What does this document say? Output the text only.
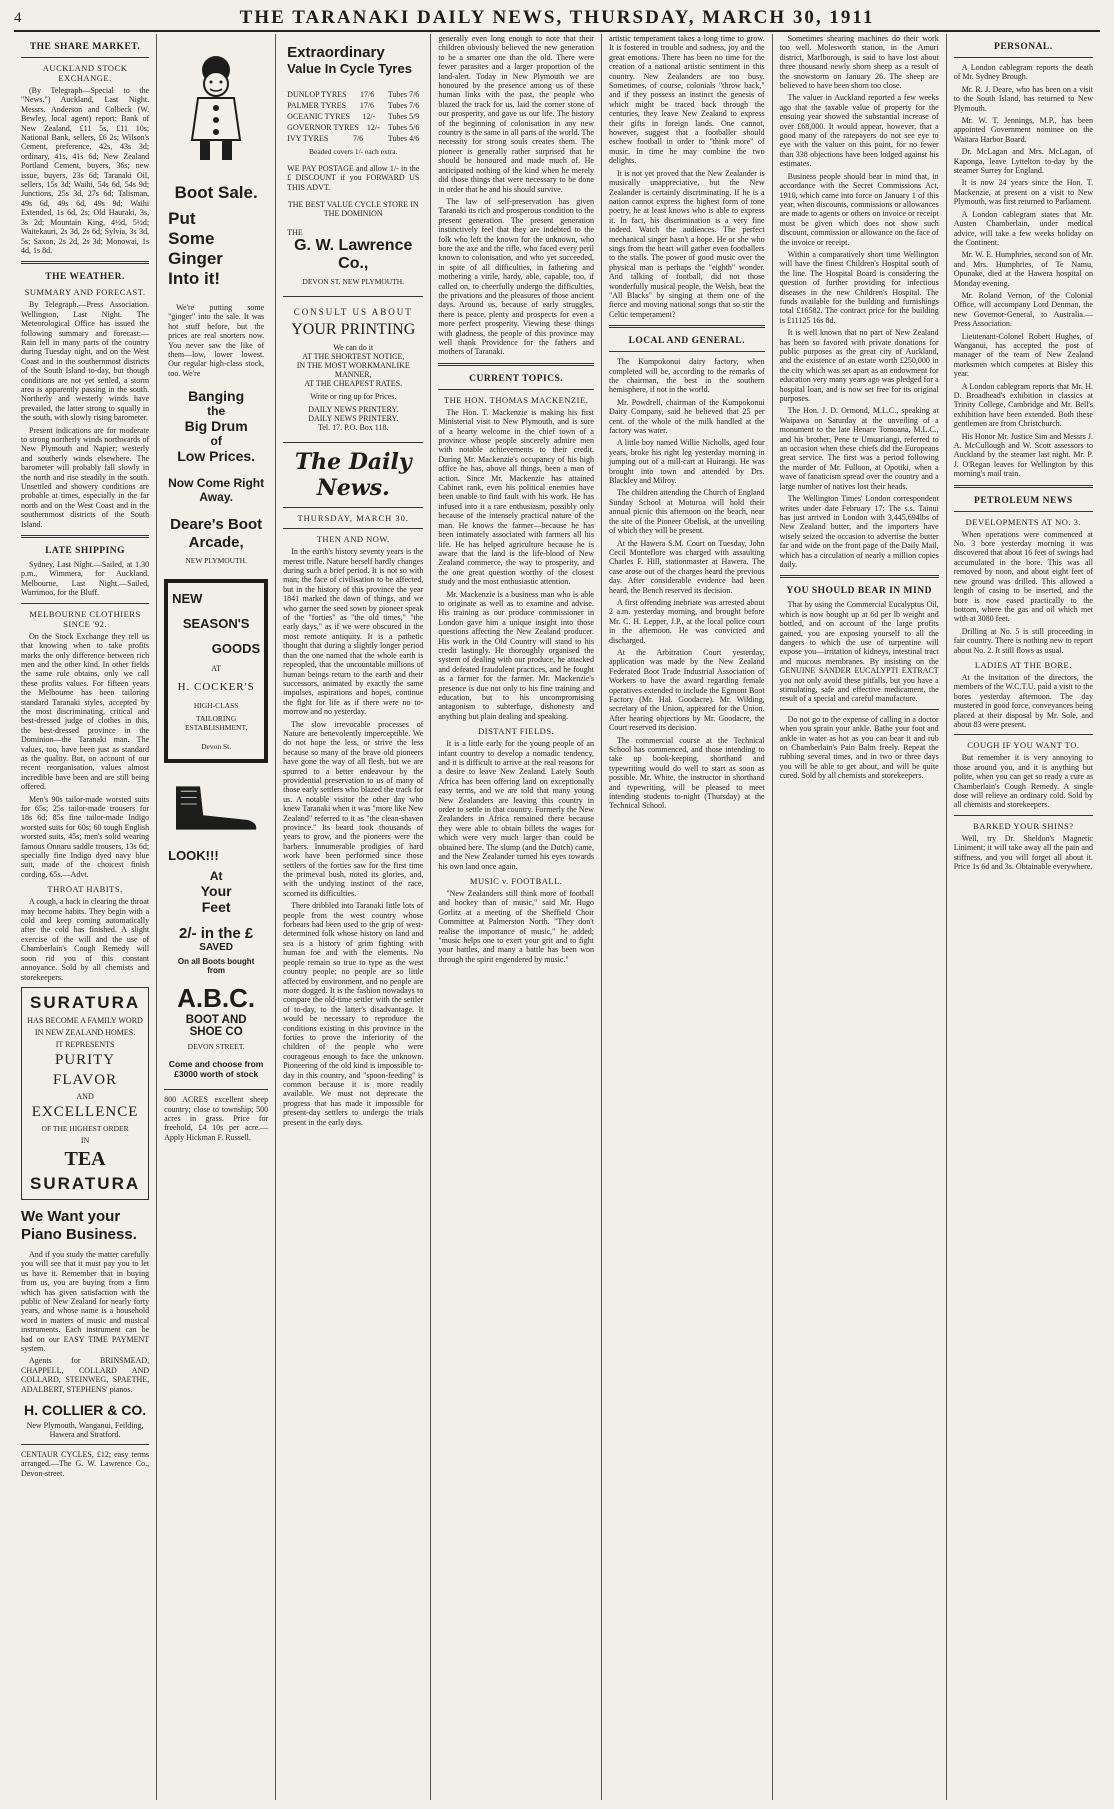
4	THE TARANAKI DAILY NEWS, THURSDAY, MARCH 30, 1911
THE SHARE MARKET.
AUCKLAND STOCK EXCHANGE.

(By Telegraph—Special to the "News.") Auckland, Last Night. Messrs. Anderson and Colbeck (W. Bewley, local agent) report: Bank of New Zealand, £11 5s, £11 10s; National Bank, sellers, £6 2s; Wilson's Cement, preference, 42s, 43s 3d; ordinary, 41s, 41s 6d; New Zealand Portland Cement, buyers, 36s; new issue, buyers, 23s 6d; Taranaki Oil, sellers, 15s 3d; Waihi, 54s 6d, 54s 9d; Junctions, 25s 3d, 27s 6d; Talisman, 49s 6d, 49s 6d, 49s 9d; Waihi Extended, 1s 6d, 2s; Old Hauraki, 3s, 3s 2d; Mountain King, 4½d, 5½d; Waitekauri, 2s 3d, 2s 6d; Sylvia, 3s 3d, 5s; Saxon, 2s 2d, 2s 3d; Monowai, 1s 4d, 1s 8d.

THE WEATHER.
SUMMARY AND FORECAST.

By Telegraph.—Press Association. Wellington, Last Night. The Meteorological Office has issued the following summary and forecast:— Rain fell in many parts of the country during Tuesday night, and on the West Coast and in the southernmost districts of the South Island to-day, but though conditions are not yet settled, a storm area is apparently passing in the south. Northerly and westerly winds have prevailed, the latter strong to squally in the south, with slowly rising barometer.

Present indications are for moderate to strong northerly winds northwards of New Plymouth and Napier; westerly and southerly winds elsewhere. The barometer will probably fall slowly in the north and rise steadily in the south. Unsettled and showery conditions are probable at times, especially in the far north and on the West Coast and in the southernmost districts of the South Island.

LATE SHIPPING

Sydney, Last Night.—Sailed, at 1.30 p.m., Wimmera, for Auckland. Melbourne, Last Night.—Sailed, Warrimoo, for the Bluff.

MELBOURNE CLOTHIERS SINCE '92.

On the Stock Exchange they tell us that knowing when to take profits marks the only difference between rich men and the other kind. In other fields the same rule obtains, only we call these profits values. For fifteen years the Melbourne has been tailoring standard Taranaki styles, accepted by the most discriminating, critical and best-dressed judge of clothes in this, the best-dressed province in the Dominion—the Taranaki man. The values, too, have been just as standard as the quality. But, on account of our recent reorganisation, values almost incredible have been and are still being offered.

Men's 90s tailor-made worsted suits for 65s; 25s tailor-made trousers for 18s 6d; 85s fine tailor-made Indigo worsted suits for 60s; 60 tough English worsted suits, 45s; men's solid wearing famous Onnaru saddle trousers, 13s 6d; specially fine Indigo dyed navy blue suit, made of the choicest finish cording, 65s.—Advt.

THROAT HABITS.

A cough, a hack in clearing the throat may become habits. They begin with a cold and keep coming automatically after the cold has finished. A slight exercise of the will and the use of Chamberlain's Cough Remedy will soon rid you of this constant annoyance. Sold by all chemists and storekeepers.

SURATURA
HAS BECOME A FAMILY WORD
IN NEW ZEALAND HOMES.
IT REPRESENTS
PURITY
FLAVOR
AND
EXCELLENCE
OF THE HIGHEST ORDER
IN
TEA
SURATURA
We Want your Piano Business.

And if you study the matter carefully you will see that it must pay you to let us have it. Remember that in buying from us, you are buying from a firm which has given satisfaction with the public of New Zealand for nearly forty years, and whose name is a household word in matters of music and musical instruments. Each instrument can be had on our EASY TIME PAYMENT system.

Agents for BRINSMEAD, CHAPPELL, COLLARD AND COLLARD, STEINWEG, SPAETHE, ADALBERT, STEPHENS' pianos.

H. COLLIER & CO.
New Plymouth, Wanganui, Feilding, Hawera and Stratford.

CENTAUR CYCLES, £12; easy terms arranged.—The G. W. Lawrence Co., Devon-street.

Boot Sale.
Put
Some
Ginger
Into it!

We're putting some "ginger" into the sale. It was hot stuff before, but the prices are real snorters now. You never saw the like of them—low, lower lowest. Our regular high-class stock, too. We're

Banging
the
Big Drum
of
Low Prices.
Now Come Right Away.
Deare's Boot Arcade,
NEW PLYMOUTH.
NEW
SEASON'S
GOODS
AT
H. COCKER'S
HIGH-CLASS
TAILORING ESTABLISHMENT,
Devon St.
LOOK!!!
At
Your
Feet
2/- in the £
SAVED
On all Boots bought from
A.B.C.
BOOT AND SHOE CO
DEVON STREET.
Come and choose from £3000 worth of stock

800 ACRES excellent sheep country; close to township; 500 acres in grass. Price for freehold, £4 10s per acre.—Apply Hickman F. Russell.

Extraordinary
Value In Cycle Tyres
DUNLOP TYRES 17/6 Tubes 7/6
PALMER TYRES 17/6 Tubes 7/6
OCEANIC TYRES 12/- Tubes 5/9
GOVERNOR TYRES 12/- Tubes 5/6
IVY TYRES	7/6	Tubes 4/6
Beaded covers 1/- each extra.

WE PAY POSTAGE and allow 1/- in the £ DISCOUNT if you FORWARD US THIS ADVT.

THE BEST VALUE CYCLE STORE IN THE DOMINION
THE
G. W. Lawrence Co.,
DEVON ST. NEW PLYMOUTH.
CONSULT US ABOUT
YOUR PRINTING
We can do it
AT THE SHORTEST NOTICE,
IN THE MOST WORKMANLIKE MANNER,
AT THE CHEAPEST RATES.
Write or ring up for Prices.
DAILY NEWS PRINTERY.
DAILY NEWS PRINTERY.
Tel. 17. P.O. Box 118.
The Daily News.
THURSDAY, MARCH 30.
THEN AND NOW.

In the earth's history seventy years is the merest trifle. Nature herself hardly changes during such a brief period. It is not so with man; the face of civilisation to be affected, but in the history of this province the year 1841 marked the dawn of things, and we who garner the seed sown by pioneer speak of the "forties" as "the old times," "the early days," as if we were obscured in the most remote antiquity. It is a pathetic thought that during a slightly longer period than the one named that the whole earth is repeopled, that the uncountable millions of human beings return to the earth and their successors, animated by exactly the same impulses, aspirations and hopes, continue the fight for life as if there were no to-morrow and no yesterday.

The slow irrevocable processes of Nature are benevolently imperceptible. We do not hope the less, or strive the less because so many of the brave old pioneers have gone the way of all flesh, but we are spurred to a better endeavour by the providential preservation to us of many of those early settlers who blazed the track for us. A notable visitor the other day who knew Taranaki when it was "more like New Zealand" referred to it as "the clean-shaven province." Its beard took thousands of years to grow, and the pioneers were the barbers. Innumerable prodigies of hard work have been performed since those settlers of the forties saw for the first time the primeval bush, noted its glories, and, with the undying instinct of the race, scorned its difficulties.

There dribbled into Taranaki little lots of people from the west country whose forbears had been used to the grip of west-determined folk whose history on land and sea is a history of grim fighting with human foe and with the elements. No people remain so true to type as the west country people; no people are so little affected by environment, and no people are more dogged. It is the fashion nowadays to compare the old-time settler with the settler of to-day, to the latter's disadvantage. It would be necessary to reproduce the conditions existing in this province in the forties to prove the inferiority of the children of the people who were courageous enough to face the unknown. Pioneering of the old kind is impossible to-day in this country, and "spoon-feeding" is common because it is more readily available. We must not deprecate the progress that has made it impossible for present-day settlers to undergo the trials present in the early days.

generally even long enough to note that their children obviously believed the new generation to be a smarter one than the old. There were fewer parasites and a larger proportion of the land-alert. Today in New Plymouth we are honoured by the presence among us of these human links with the past, the people who blazed the track for us, laid the corner stone of our prosperity, and gave us our life. The history of the beginning of colonisation in any new country is the same in all parts of the world. The necessity for strong souls creates them. The pioneer is generally rather surprised that he should be honoured and made much of. He anticipated nothing of the kind when he merely did those things that were necessary to be done in order that he and his should survive.

The law of self-preservation has given Taranaki its rich and prosperous condition to the present generation. The present generation instinctively feel that they are indebted to the folk who left the known for the unknown, who bore the axe and the rifle, who faced every peril known to colonisation, and who yet succeeded, in spite of all difficulties, in fathering and mothering a virile, hardy, able, capable, too, if called on, to cheerfully undergo the difficulties, the privations and the pleasures of those ancient days. Around us, because of early struggles, there is peace, plenty and prospects for even a more perfect prosperity. Viewing these things with gladness, the people of this province may well thank Providence for the fathers and mothers of Taranaki.

CURRENT TOPICS.
THE HON. THOMAS MACKENZIE.

The Hon. T. Mackenzie is making his first Ministerial visit to New Plymouth, and is sure of a hearty welcome in the chief town of a province whose people sincerely admire men with notable achievements to their credit. During Mr. Mackenzie's occupancy of his high office he has, above all things, been a man of action. Since Mr. Mackenzie has attained Cabinet rank, even his political enemies have been unable to find fault with his work. He has infused into it a rare enthusiasm, possibly only because of the intensely practical nature of the man. He knows the farmer—because he has been intimately associated with farmers all his life. He has helped agriculture because he is aware that the land is the life-blood of New Zealand commerce, the way to prosperity, and the one great question worthy of the closest study and the most enthusiastic attention.

Mr. Mackenzie is a business man who is able to originate as well as to examine and advise. His training as our produce commissioner in London gave him a unique insight into those questions affecting the New Zealand producer. His work in the Old Country will stand to his credit lastingly. He thoroughly organised the system of dealing with our produce, he attacked and defeated fraudulent practices, and he fought as a farmer for the farmer. Mr. Mackenzie's presence is due not only to his fine training and education, but to his uncompromising antagonism to subterfuge, dishonesty and anything but plain dealing and speaking.

DISTANT FIELDS.

It is a little early for the young people of an infant country to develop a nomadic tendency, and it is difficult to arrive at the real reasons for a desire to leave New Zealand. Lately South Africa has been offering land on exceptionally easy terms, and we are told that many young New Zealanders are leaving this country in order to settle in that country. Formerly the New Zealanders in Africa remained there because they were able to obtain billets the wages for which were very much larger than could be obtained here. The slump (and the Dutch) came, and the New Zealander turned his eyes towards his own land once again.

MUSIC v. FOOTBALL.

"New Zealanders still think more of football and hockey than of music," said Mr. Hugo Gorlitz at a meeting of the Sheffield Choir Committee at Palmerston North. "They don't realise the importance of music," he added; "music helps one to exert your grit and to fight your battles, and many a battle has been won through the spirit engendered by music."

artistic temperament takes a long time to grow. It is fostered in trouble and sadness, joy and the great emotions. There has been no time for the creation of a national artistic sentiment in this country. New Zealanders are too busy. Sometimes, of course, colonials "throw back," and if they possess an instinct the genesis of which might be traced back through the centuries, they leave New Zealand to express their gifts in foreign lands. One cannot, however, suggest that a footballer should eschew football in order to "think more" of music. In time he may combine the two delights.

It is not yet proved that the New Zealander is musically unappreciative, but the New Zealander is certainly discriminating. If he is a nation cannot express the highest form of tone poetry, he at least knows who is able to express it. In fact, his discrimination is a very fine indeed. Watch the audiences. The perfect mechanical singer hasn't a hope. He or she who sings from the heart will gather even footballers to the stalls. The power of good music over the physical man is perhaps the "eighth" wonder. And talking of football, did not those wonderfully musical people, the Welsh, beat the "All Blacks" by singing at them one of the fierce and moving national songs that so stir the Celtic temperament?

LOCAL AND GENERAL.

The Kumpokonui dairy factory, when completed will be, according to the remarks of the chairman, the best in the southern hemisphere, if not in the world.

Mr. Powdrell, chairman of the Kumpokonui Dairy Company, said he believed that 25 per cent. of the whole of the milk handled at the factory was water.

A little boy named Willie Nicholls, aged four years, broke his right leg yesterday morning in jumping out of a mill-cart at Huirangi. He was brought into town and attended by Drs. Blackley and Milroy.

The children attending the Church of England Sunday School at Moturoa will hold their annual picnic this afternoon on the beach, near the site of the Pioneer Obelisk, at the unveiling of which they will be present.

At the Hawera S.M. Court on Tuesday, John Cecil Monteflore was charged with assaulting Charles F. Hill, stationmaster at Hawera. The case arose out of the charges heard the previous day. After considerable evidence had been heard, the Bench reserved its decision.

A first offending inebriate was arrested about 2 a.m. yesterday morning, and brought before Mr. C. H. Lepper, J.P., at the local police court in the afternoon. He was convicted and discharged.

At the Arbitration Court yesterday, application was made by the New Zealand Federated Boot Trade Industrial Association of Workers to have the award regarding female operatives extended to include the Egmont Boot Factory (Mr. Hal. Goodacre). Mr. Wilding, secretary of the Union, appeared for the Union. After hearing objections by Mr. Goodacre, the Court reserved its decision.

The commercial course at the Technical School has commenced, and those intending to take up book-keeping, shorthand and typewriting would do well to start as soon as possible. Mr. White, the instructor in shorthand and typewriting, will be pleased to meet intending students to-night (Thursday) at the Technical School.

Sometimes shearing machines do their work too well. Molesworth station, in the Amuri district, Marlborough, is said to have lost about three thousand newly shorn sheep as a result of the snowstorm on January 26. The sheep are believed to have been shorn too close.

The valuer in Auckland reported a few weeks ago that the taxable value of property for the ensuing year showed the substantial increase of over £68,000. It would appear, however, that a good many of the ratepayers do not see eye to eye with the valuer on this point, for no fewer than 338 objections have been lodged against his estimates.

Business people should bear in mind that, in accordance with the Secret Commissions Act, 1910, which came into force on January 1 of this year, when discounts, commissions or allowances are made to agents or others on invoice or receipt must be given which does not show such discount, commission or allowance on the face of the invoice or receipt.

Within a comparatively short time Wellington will have the finest Children's Hospital south of the line. The Hospital Board is considering the question of further providing for infectious diseases in the new Children's Hospital. The funds available for the building and furnishings total £16582. The contract price for the building is £11125 16s 8d.

It is well known that no part of New Zealand has been so favored with private donations for public purposes as the great city of Auckland, and the existence of an estate worth £250,000 in the city which was set apart as an endowment for education very many years ago was pledged for a hospital loan, and is now set free for its original purposes.

The Hon. J. D. Ormond, M.L.C., speaking at Waipawa on Saturday at the unveiling of a monument to the late Henare Tomoana, M.L.C., and his brother, Pene te Umuariangi, referred to an occasion when these chiefs did the Europeans great service. The first was a period following the murder of Mr. Fulloon, at Opotiki, when a wave of fanaticism spread over the country and a large number of natives lost their heads.

The Wellington Times' London correspondent writes under date February 17: The s.s. Tainui has just arrived in London with 3,445,694lbs of New Zealand butter, and the importers have wisely seized the occasion to advertise the butter far and wide on the front page of the Daily Mail, which has a circulation of nearly a million copies daily.

YOU SHOULD BEAR IN MIND

That by using the Commercial Eucalyptus Oil, which is now bought up at 6d per lb weight and bottled, and on account of the large profits gained, you are exposing yourself to all the dangers to which the use of turpentine will expose you—irritation of kidneys, intestinal tract and mucous membranes. By insisting on the GENUINE SANDER EUCALYPTI EXTRACT you not only avoid these pitfalls, but you have a stimulating, safe and effective medicament, the result of a special and careful manufacture.

Do not go to the expense of calling in a doctor when you sprain your ankle. Bathe your foot and ankle in water as hot as you can bear it and rub on Chamberlain's Pain Balm freely. Repeat the rubbing several times, and in two or three days you will be able to get about, and will be quite cured. Sold by all chemists and storekeepers.

PERSONAL.

A London cablegram reports the death of Mr. Sydney Brough.

Mr. R. J. Deare, who has been on a visit to the South Island, has returned to New Plymouth.

Mr. W. T. Jennings, M.P., has been appointed Government nominee on the Waitara Harbor Board.

Dr. McLagan and Mrs. McLagan, of Kaponga, leave Lyttelton to-day by the steamer Surrey for England.

It is now 24 years since the Hon. T. Mackenzie, at present on a visit to New Plymouth, was first returned to Parliament.

A London cablegram states that Mr. Austen Chamberlain, under medical advice, will take a few weeks holiday on the Continent.

Mr. W. E. Humphries, second son of Mr. and Mrs. Humphries, of Te Namu, Opunake, died at the Hawera hospital on Monday evening.

Mr. Roland Vernon, of the Colonial Office, will accompany Lord Denman, the new Governor-General, to Australia.—Press Association.

Lieutenant-Colonel Robert Hughes, of Wanganui, has accepted the post of manager of the team of New Zealand marksmen which competes at Bisley this year.

A London cablegram reports that Mr. H. D. Broadhead's exhibition in classics at Trinity College, Cambridge and Mr. Bell's exhibition have been extended. Both these gentlemen are from Christchurch.

His Honor Mr. Justice Sim and Messrs J. A. McCullough and W. Scott assessors to Auckland by the steamer last night. Mr. P. J. O'Regan leaves for Wellington by this morning's mail train.

PETROLEUM NEWS
DEVELOPMENTS AT NO. 3.

When operations were commenced at No. 3 bore yesterday morning it was discovered that about 16 feet of swings had accumulated in the bore. This was all removed by noon, and about eight feet of new ground was drilled. This allowed a length of casing to be inserted, and the bore is now eased practically to the bottom, where the gas and oil which met with at 3080 feet.

Drilling at No. 5 is still proceeding in fair country. There is nothing new to report about No. 2. It still flows as usual.

LADIES AT THE BORE.

At the invitation of the directors, the members of the W.C.T.U. paid a visit to the bores yesterday afternoon. The day mustered in good force, conveyances being placed at their disposal by Mr. Sole, and about 83 were present.

COUGH IF YOU WANT TO.

But remember it is very annoying to those around you, and it is anything but polite, when you can get so ready a cure as Chamberlain's Cough Remedy. A single dose will relieve an ordinary cold. Sold by all chemists and storekeepers.

BARKED YOUR SHINS?

Well, try Dr. Sheldon's Magnetic Liniment; it will take away all the pain and stiffness, and you will forget all about it. Price 1s 6d and 3s. Obtainable everywhere.
